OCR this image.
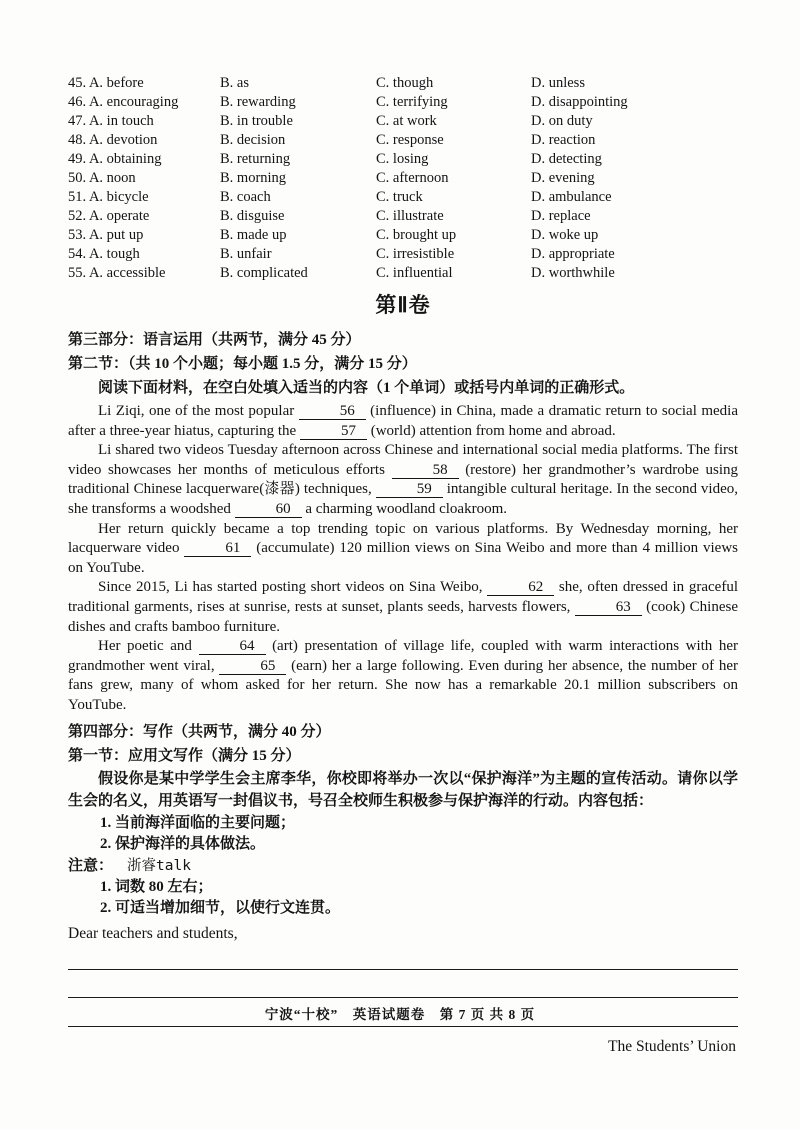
45. A. before	B. as	C. though	D. unless
46. A. encouraging	B. rewarding	C. terrifying	D. disappointing
47. A. in touch	B. in trouble	C. at work	D. on duty
48. A. devotion	B. decision	C. response	D. reaction
49. A. obtaining	B. returning	C. losing	D. detecting
50. A. noon	B. morning	C. afternoon	D. evening
51. A. bicycle	B. coach	C. truck	D. ambulance
52. A. operate	B. disguise	C. illustrate	D. replace
53. A. put up	B. made up	C. brought up	D. woke up
54. A. tough	B. unfair	C. irresistible	D. appropriate
55. A. accessible	B. complicated	C. influential	D. worthwhile
第Ⅱ卷

第三部分：语言运用（共两节，满分 45 分）

第二节：（共 10 个小题；每小题 1.5 分，满分 15 分）

阅读下面材料，在空白处填入适当的内容（1 个单词）或括号内单词的正确形式。

Li Ziqi, one of the most popular	56 (influence) in China, made a dramatic return to social media after a three-year hiatus, capturing the	57 (world) attention from home and abroad.

Li shared two videos Tuesday afternoon across Chinese and international social media platforms. The first video showcases her months of meticulous efforts	58 (restore) her grandmother’s wardrobe using traditional Chinese lacquerware(漆器) techniques,	59 intangible cultural heritage. In the second video, she transforms a woodshed	60 a charming woodland cloakroom.

Her return quickly became a top trending topic on various platforms. By Wednesday morning, her lacquerware video	61 (accumulate) 120 million views on Sina Weibo and more than 4 million views on YouTube.

Since 2015, Li has started posting short videos on Sina Weibo,	62 she, often dressed in graceful traditional garments, rises at sunrise, rests at sunset, plants seeds, harvests flowers,	63 (cook) Chinese dishes and crafts bamboo furniture.

Her poetic and	64 (art) presentation of village life, coupled with warm interactions with her grandmother went viral,	65 (earn) her a large following. Even during her absence, the number of her fans grew, many of whom asked for her return. She now has a remarkable 20.1 million subscribers on YouTube.

第四部分：写作（共两节，满分 40 分）

第一节：应用文写作（满分 15 分）

假设你是某中学学生会主席李华，你校即将举办一次以“保护海洋”为主题的宣传活动。请你以学生会的名义，用英语写一封倡议书，号召全校师生积极参与保护海洋的行动。内容包括：

1. 当前海洋面临的主要问题；
2. 保护海洋的具体做法。

注意： 浙睿talk

1. 词数 80 左右；
2. 可适当增加细节，以使行文连贯。

Dear teachers and students,

The Students’ Union
宁波“十校”　英语试题卷　第 7 页 共 8 页
